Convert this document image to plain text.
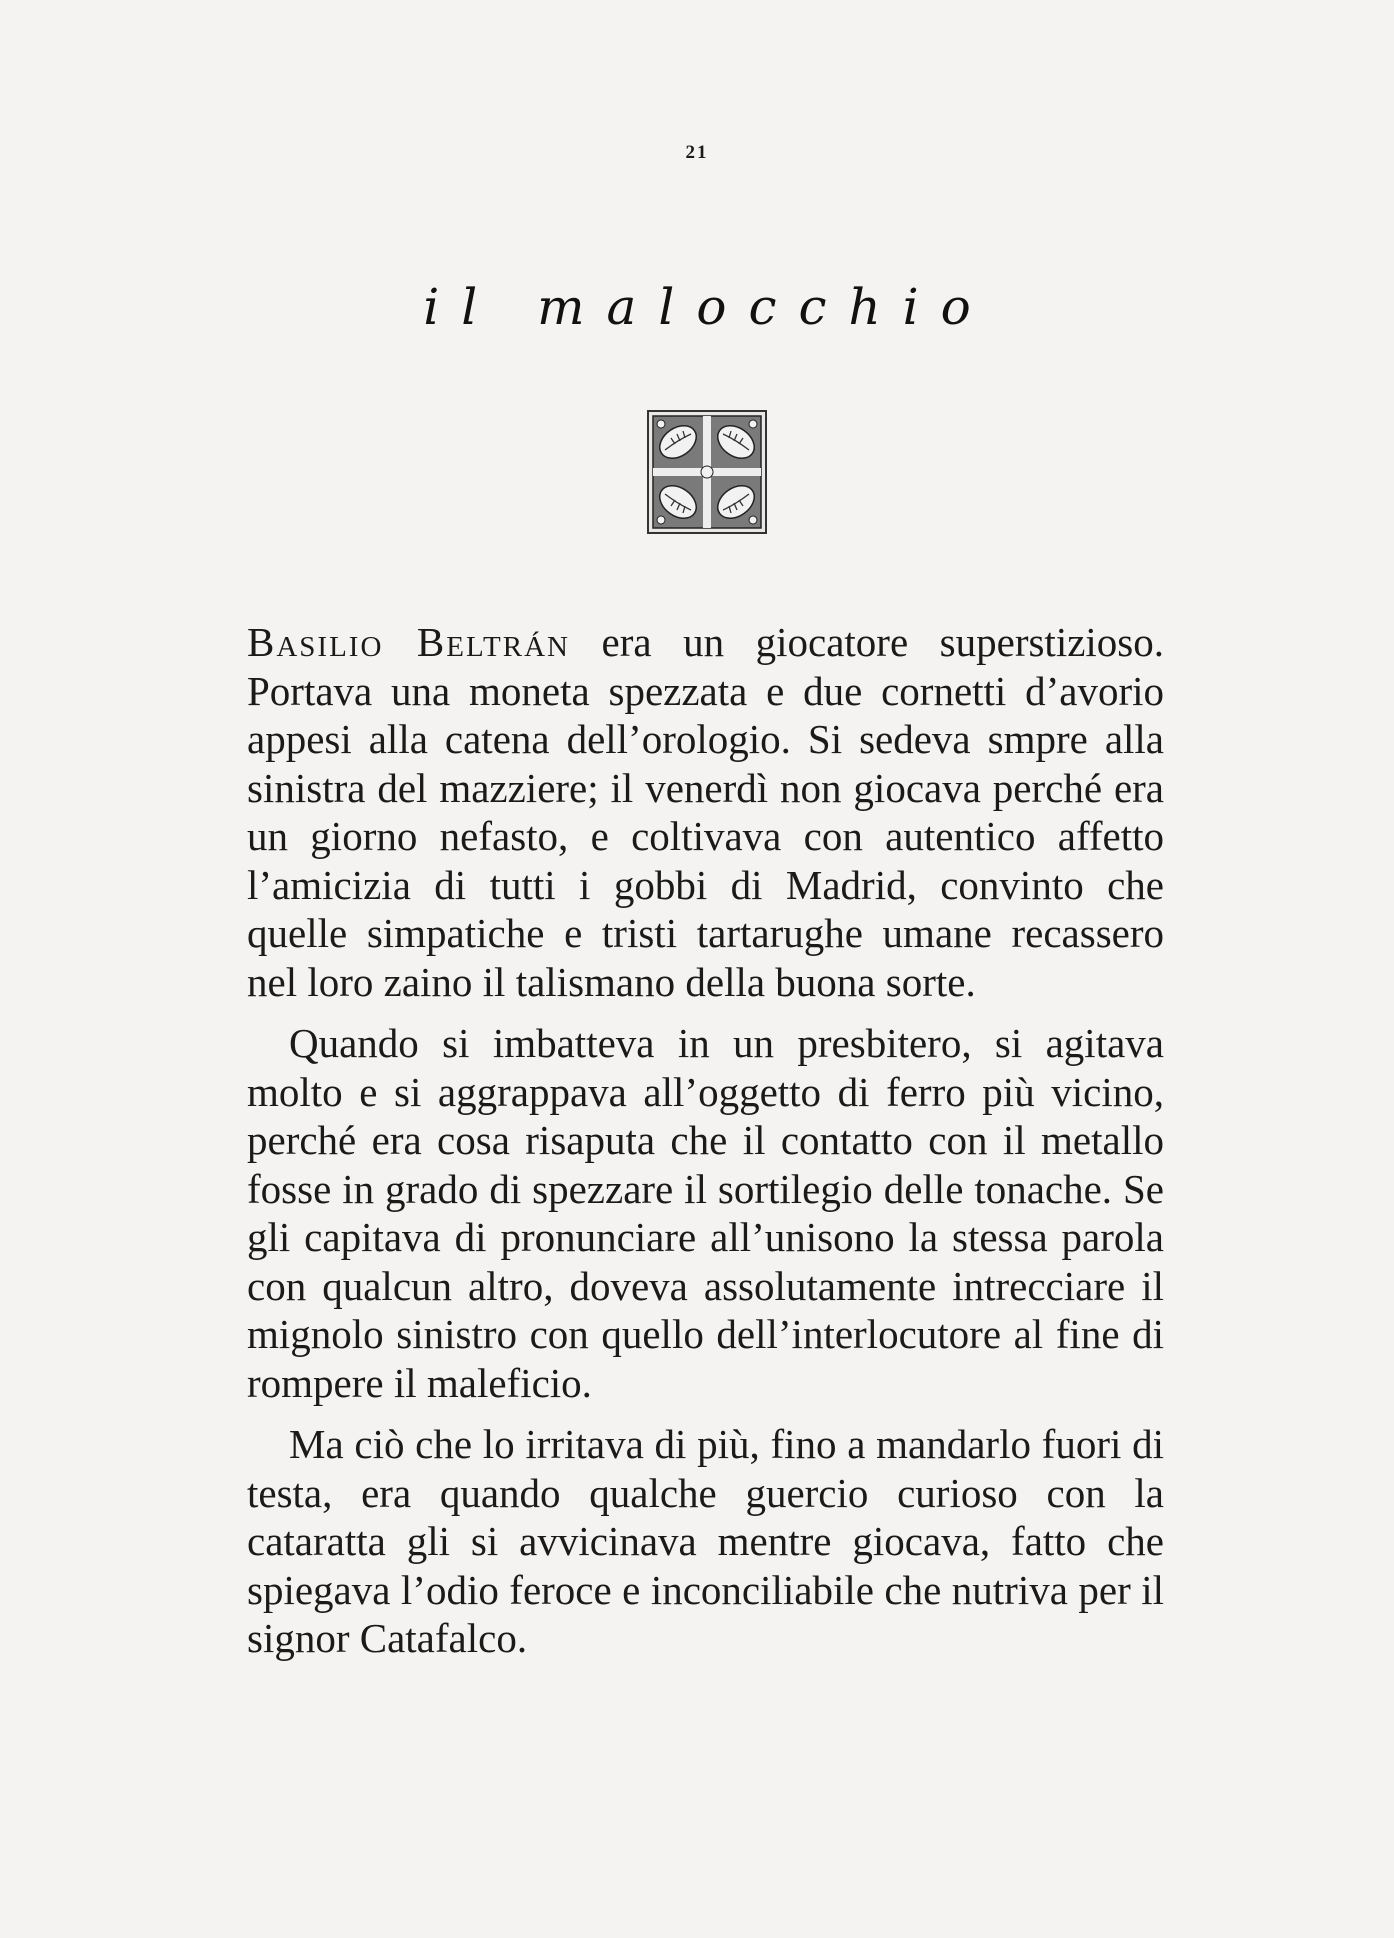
21
il malocchio

Basilio Beltrán era un giocatore superstizioso. Portava una moneta spezzata e due cornetti d’avorio appesi alla catena dell’orologio. Si sedeva smpre alla sinistra del mazziere; il venerdì non giocava perché era un giorno nefasto, e coltivava con autentico affetto l’amicizia di tutti i gobbi di Madrid, convinto che quelle simpatiche e tristi tartarughe umane recassero nel loro zaino il talismano della buona sorte.

Quando si imbatteva in un presbitero, si agitava molto e si aggrappava all’oggetto di ferro più vicino, perché era cosa risaputa che il contatto con il metallo fosse in grado di spezzare il sortilegio delle tonache. Se gli capitava di pronunciare all’unisono la stessa parola con qualcun altro, doveva assolutamente intrecciare il mignolo sinistro con quello dell’interlocutore al fine di rompere il maleficio.

Ma ciò che lo irritava di più, fino a mandarlo fuori di testa, era quando qualche guercio curioso con la cataratta gli si avvicinava mentre giocava, fatto che spiegava l’odio feroce e inconciliabile che nutriva per il signor Catafalco.
